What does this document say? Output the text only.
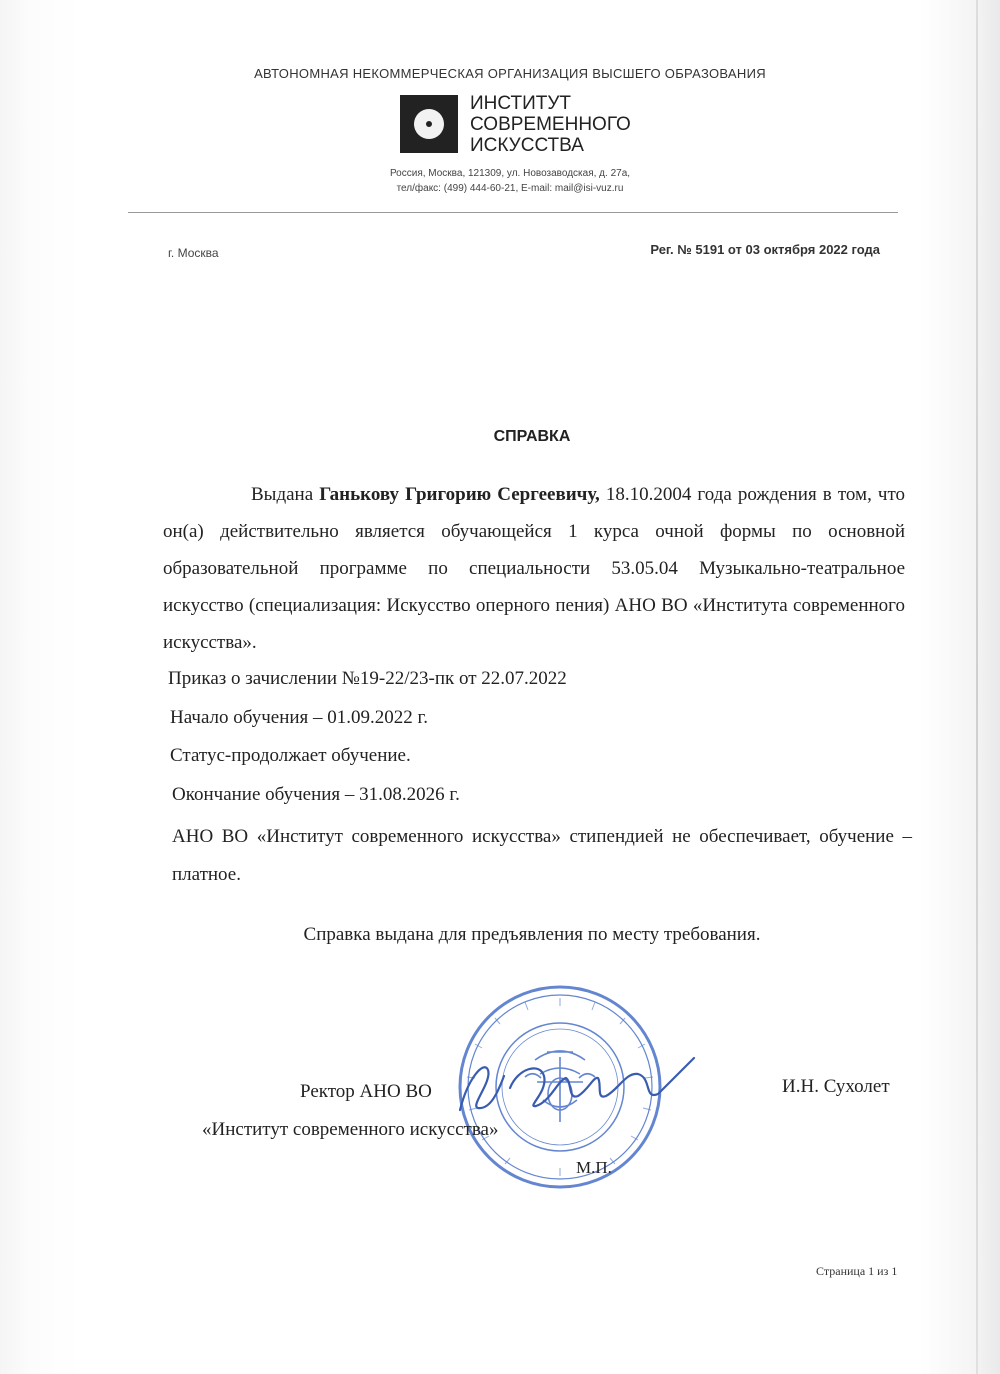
АВТОНОМНАЯ НЕКОММЕРЧЕСКАЯ ОРГАНИЗАЦИЯ ВЫСШЕГО ОБРАЗОВАНИЯ
ИНСТИТУТ
СОВРЕМЕННОГО
ИСКУССТВА
Россия, Москва, 121309, ул. Новозаводская, д. 27а,
тел/факс: (499) 444-60-21, E-mail: mail@isi-vuz.ru
г. Москва	Рег. № 5191 от 03 октября 2022 года
СПРАВКА
Выдана Ганькову Григорию Сергеевичу, 18.10.2004 года рождения в том, что он(а) действительно является обучающейся 1 курса очной формы по основной образовательной программе по специальности 53.05.04 Музыкально-театральное искусство (специализация: Искусство оперного пения) АНО ВО «Института современного искусства».
Приказ о зачислении №19-22/23-пк от 22.07.2022
Начало обучения – 01.09.2022 г.
Статус-продолжает обучение.
Окончание обучения – 31.08.2026 г.
АНО ВО «Институт современного искусства» стипендией не обеспечивает, обучение – платное.
Справка выдана для предъявления по месту требования.
Ректор АНО ВО
«Институт современного искусства»
М.П.
И.Н. Сухолет
Страница 1 из 1
